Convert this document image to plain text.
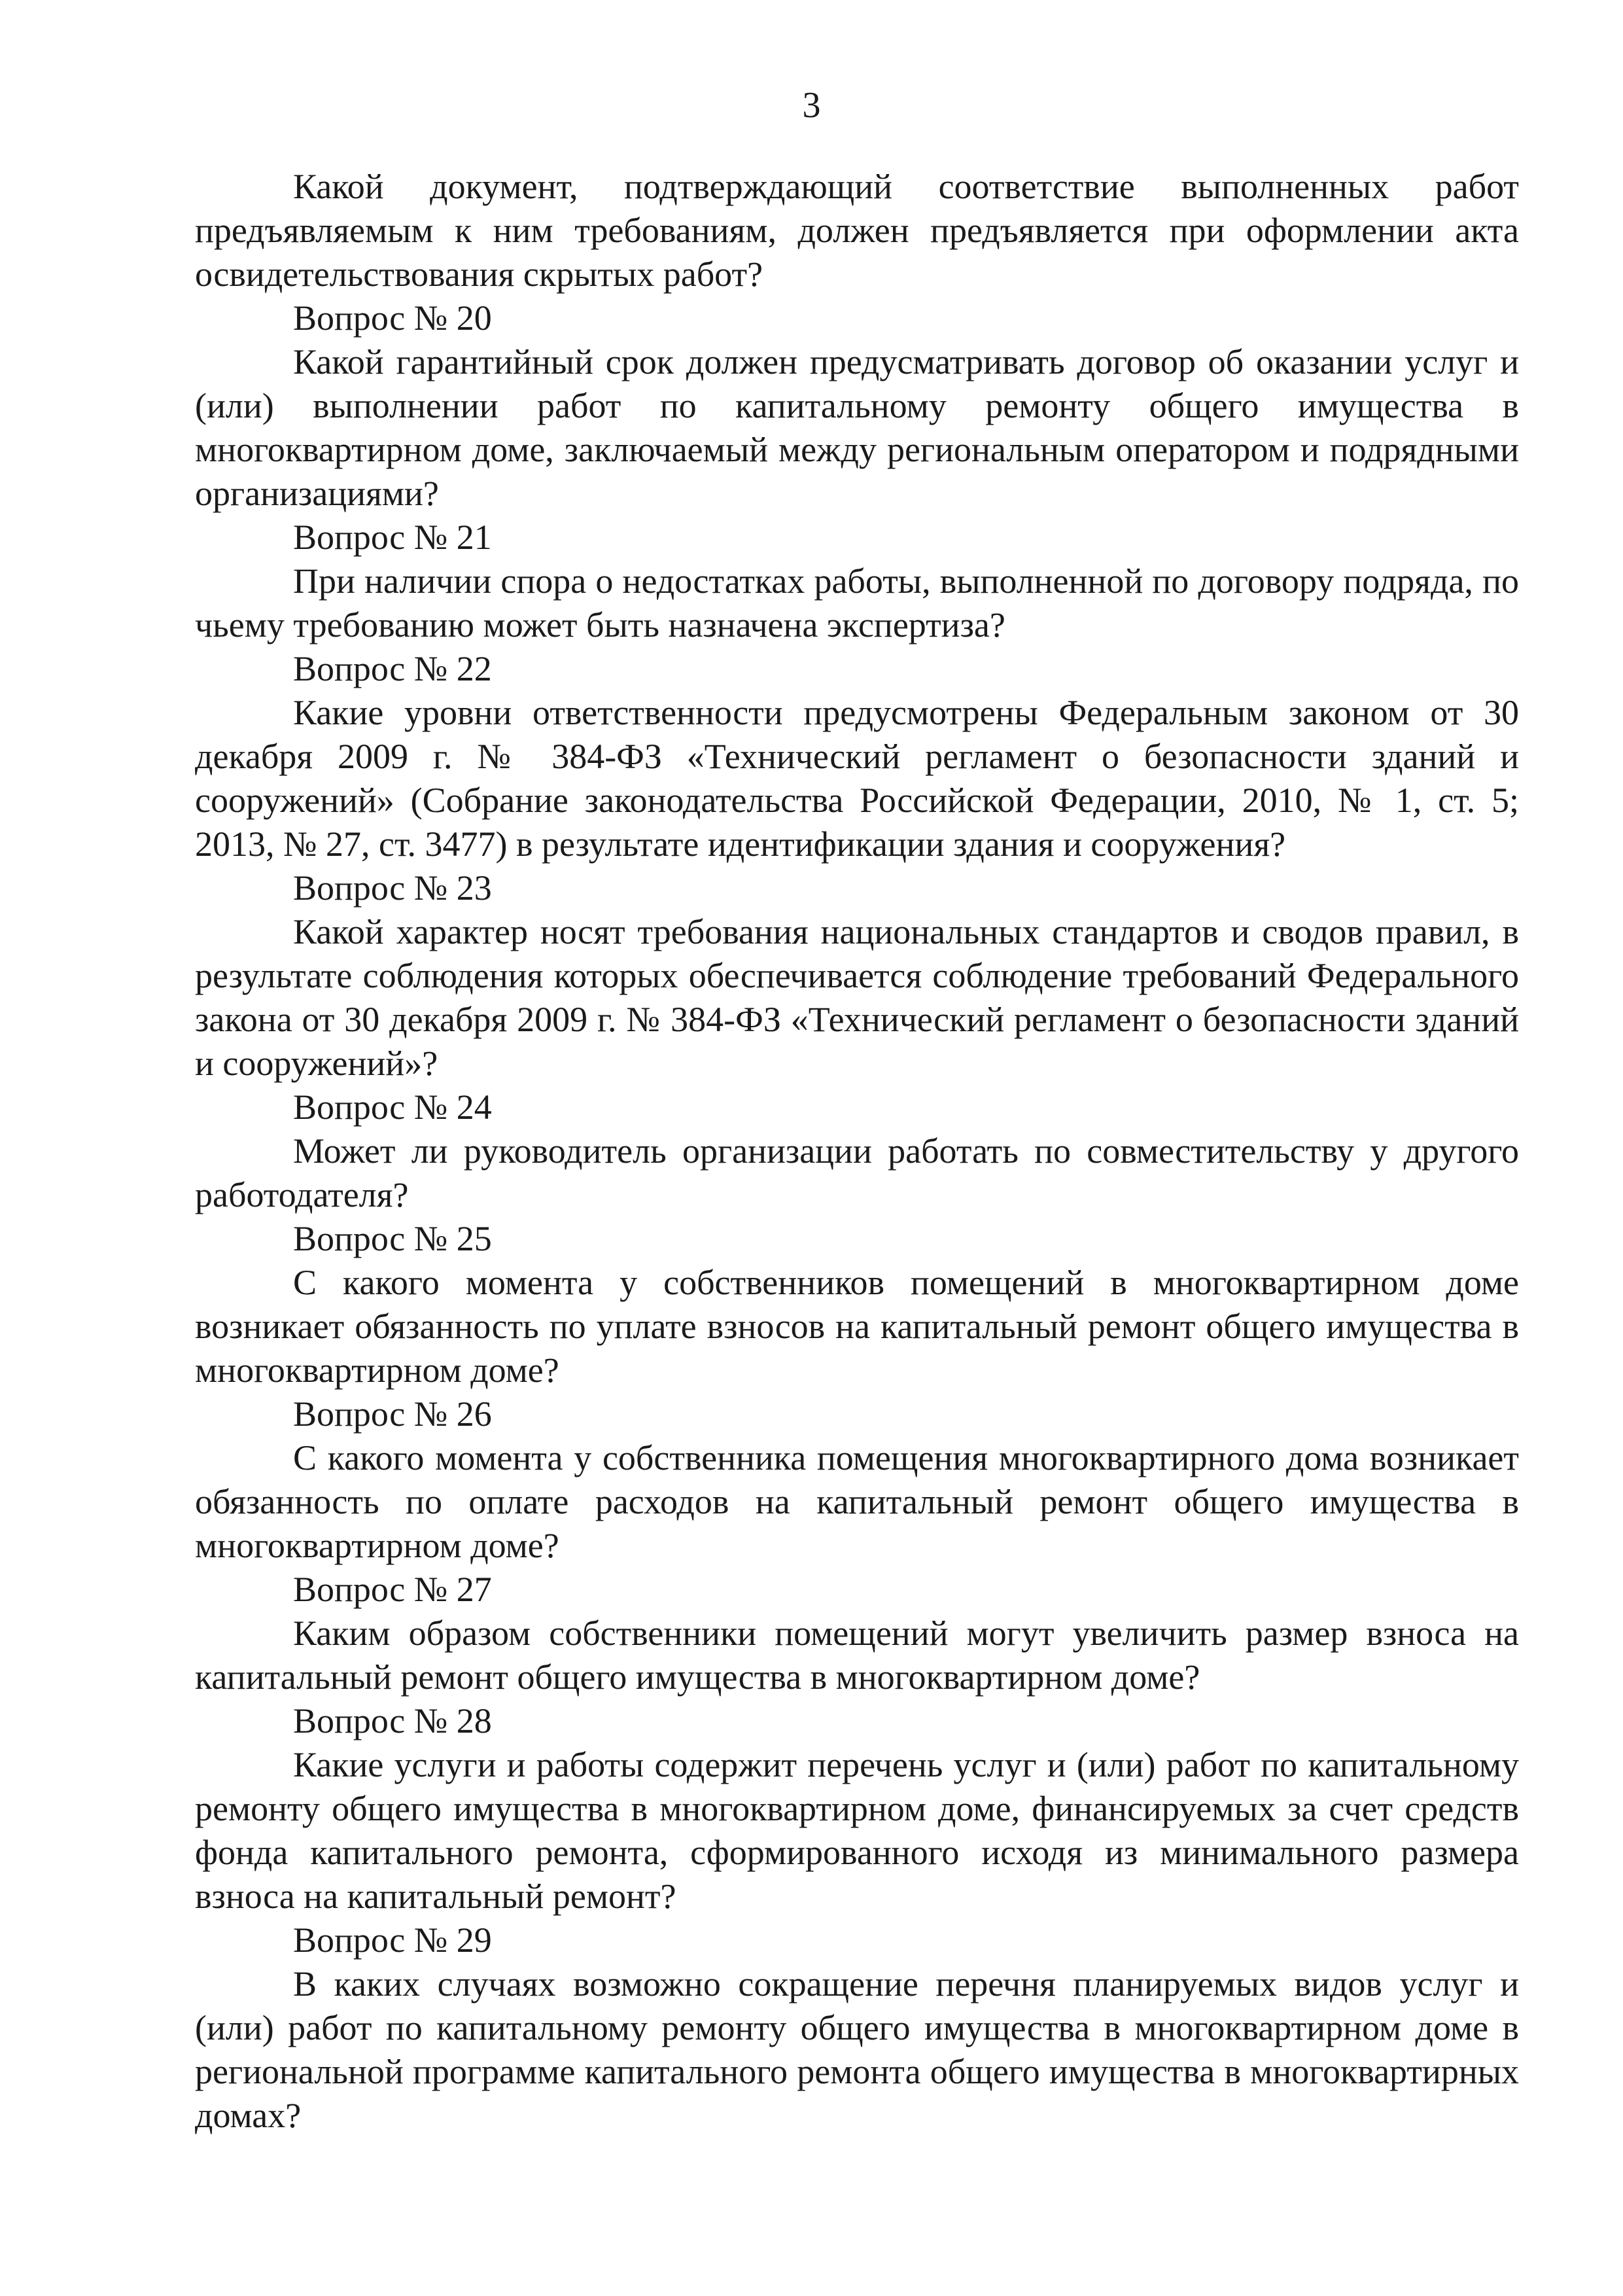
3

Какой документ, подтверждающий соответствие выполненных работ предъявляемым к ним требованиям, должен предъявляется при оформлении акта освидетельствования скрытых работ?

Вопрос № 20

Какой гарантийный срок должен предусматривать договор об оказании услуг и (или) выполнении работ по капитальному ремонту общего имущества в многоквартирном доме, заключаемый между региональным оператором и подрядными организациями?

Вопрос № 21

При наличии спора о недостатках работы, выполненной по договору подряда, по чьему требованию может быть назначена экспертиза?

Вопрос № 22

Какие уровни ответственности предусмотрены Федеральным законом от 30 декабря 2009 г. № 384-ФЗ «Технический регламент о безопасности зданий и сооружений» (Собрание законодательства Российской Федерации, 2010, № 1, ст. 5; 2013, № 27, ст. 3477) в результате идентификации здания и сооружения?

Вопрос № 23

Какой характер носят требования национальных стандартов и сводов правил, в результате соблюдения которых обеспечивается соблюдение требований Федерального закона от 30 декабря 2009 г. № 384-ФЗ «Технический регламент о безопасности зданий и сооружений»?

Вопрос № 24

Может ли руководитель организации работать по совместительству у другого работодателя?

Вопрос № 25

С какого момента у собственников помещений в многоквартирном доме возникает обязанность по уплате взносов на капитальный ремонт общего имущества в многоквартирном доме?

Вопрос № 26

С какого момента у собственника помещения многоквартирного дома возникает обязанность по оплате расходов на капитальный ремонт общего имущества в многоквартирном доме?

Вопрос № 27

Каким образом собственники помещений могут увеличить размер взноса на капитальный ремонт общего имущества в многоквартирном доме?

Вопрос № 28

Какие услуги и работы содержит перечень услуг и (или) работ по капитальному ремонту общего имущества в многоквартирном доме, финансируемых за счет средств фонда капитального ремонта, сформированного исходя из минимального размера взноса на капитальный ремонт?

Вопрос № 29

В каких случаях возможно сокращение перечня планируемых видов услуг и (или) работ по капитальному ремонту общего имущества в многоквартирном доме в региональной программе капитального ремонта общего имущества в многоквартирных домах?
